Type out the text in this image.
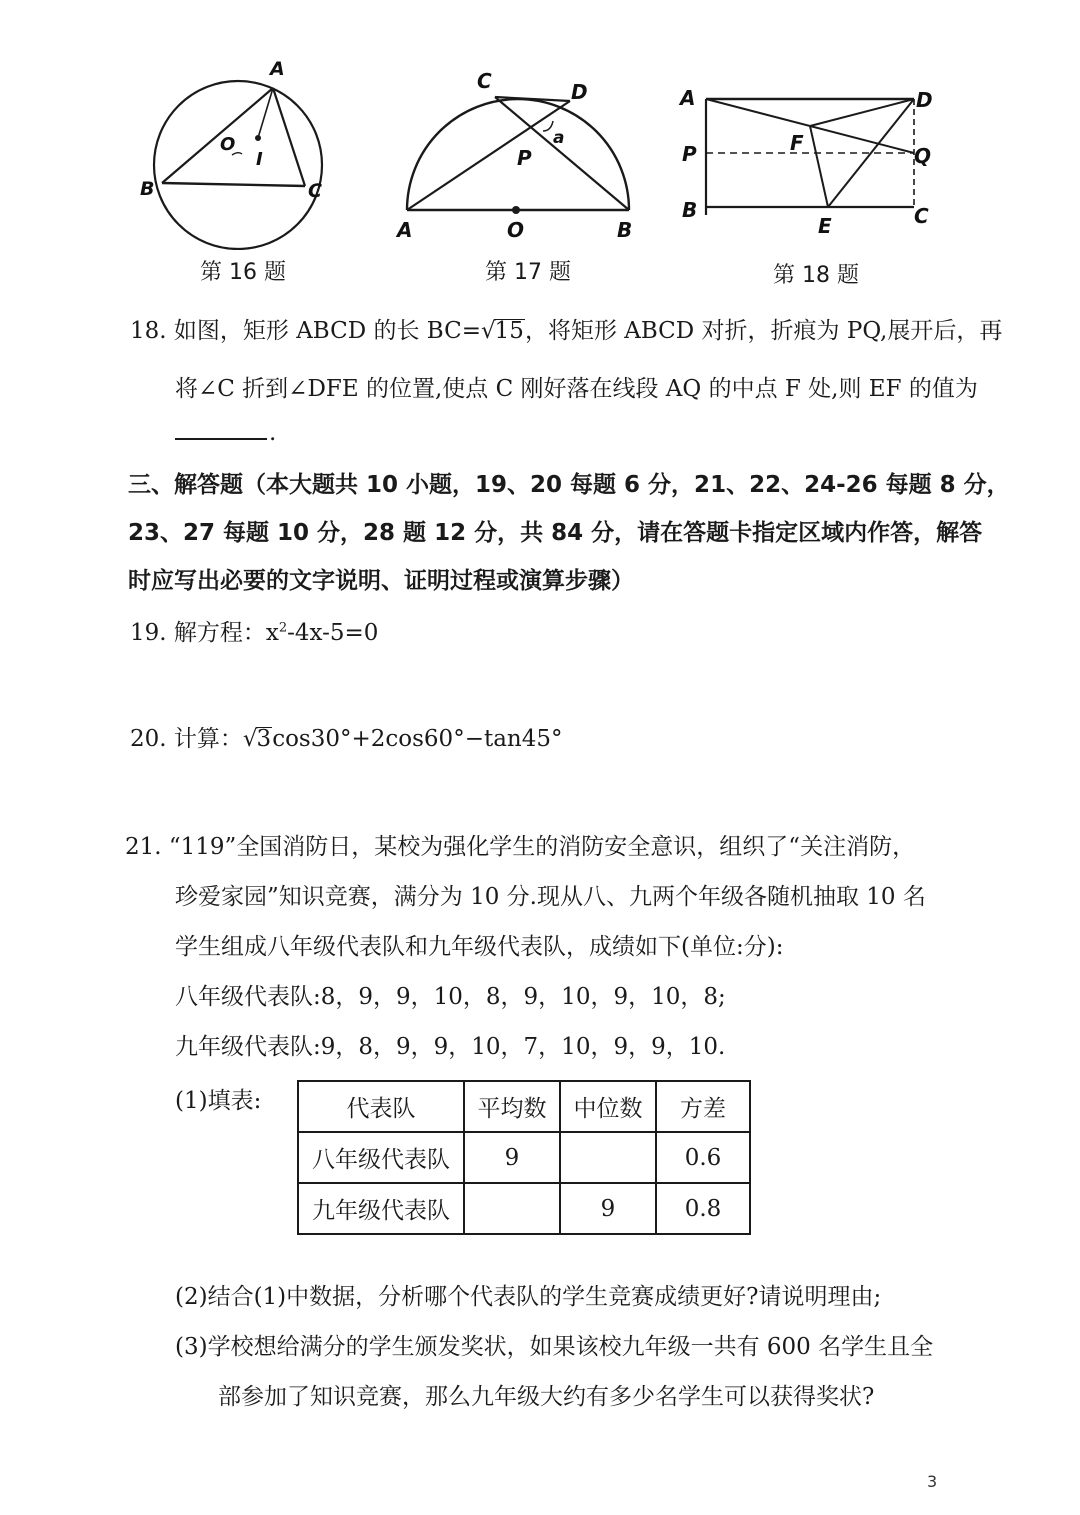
A
B	C
O
I
第 16 题
C	D
P
a
A	O	B
第 17 题
A	D
P	F
Q
B
E	C
第 18 题
18. 如图，矩形 ABCD 的长 BC=√15，将矩形 ABCD 对折，折痕为 PQ,展开后，再
将∠C 折到∠DFE 的位置,使点 C 刚好落在线段 AQ 的中点 F 处,则 EF 的值为
.
三、解答题（本大题共 10 小题，19、20 每题 6 分，21、22、24-26 每题 8 分，
23、27 每题 10 分，28 题 12 分，共 84 分，请在答题卡指定区域内作答，解答
时应写出必要的文字说明、证明过程或演算步骤）
19. 解方程：$x^2-4x-5=0$
20. 计算：√3cos30°+2cos60°−tan45°
21. “119”全国消防日，某校为强化学生的消防安全意识，组织了“关注消防，
珍爱家园”知识竞赛，满分为 10 分.现从八、九两个年级各随机抽取 10 名
学生组成八年级代表队和九年级代表队，成绩如下(单位:分):
八年级代表队:8，9，9，10，8，9，10，9，10，8;
九年级代表队:9，8，9，9，10，7，10，9，9，10.
(1)填表:	代表队	平均数	中位数	方差
八年级代表队	9		0.6
九年级代表队		9	0.8
(2)结合(1)中数据，分析哪个代表队的学生竞赛成绩更好?请说明理由;
(3)学校想给满分的学生颁发奖状，如果该校九年级一共有 600 名学生且全
部参加了知识竞赛，那么九年级大约有多少名学生可以获得奖状?
3
